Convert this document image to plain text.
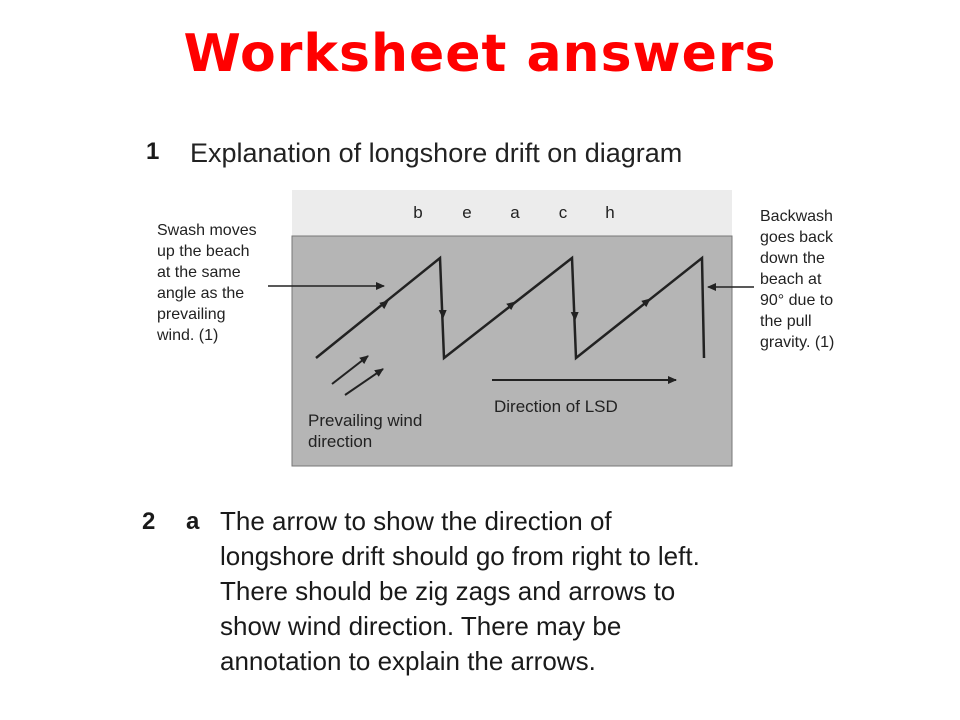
Worksheet answers
1 Explanation of longshore drift on diagram
b e a c h
Swash moves
up the beach
at the same
angle as the
prevailing
wind. (1)
Backwash
goes back
down the
beach at
90° due to
the pull
gravity. (1)
Prevailing wind
direction
Direction of LSD
2 a The arrow to show the direction of
longshore drift should go from right to left.
There should be zig zags and arrows to
show wind direction. There may be
annotation to explain the arrows.
